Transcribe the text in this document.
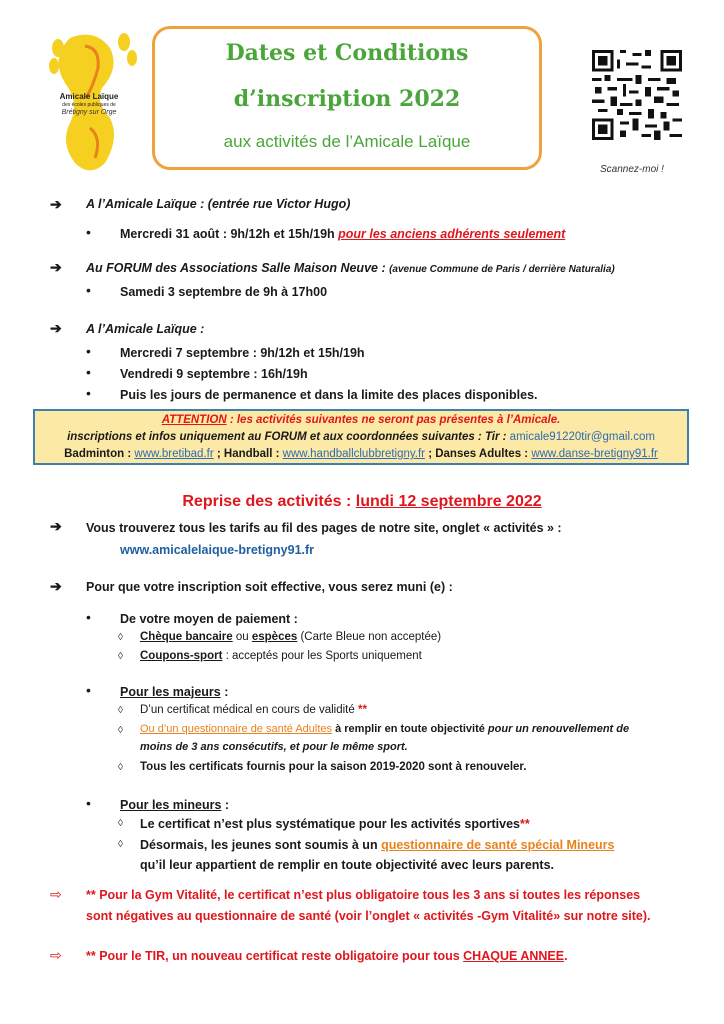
Amicale Laïque
des écoles publiques de
Brétigny sur Orge
Dates et Conditions
d’inscription 2022
aux activités de l’Amicale Laïque
Scannez-moi !
➔ A l’Amicale Laïque : (entrée rue Victor Hugo)
• Mercredi 31 août : 9h/12h et 15h/19h pour les anciens adhérents seulement
➔ Au FORUM des Associations Salle Maison Neuve : (avenue Commune de Paris / derrière Naturalia)
• Samedi 3 septembre de 9h à 17h00
➔ A l’Amicale Laïque :
• Mercredi 7 septembre : 9h/12h et 15h/19h
• Vendredi 9 septembre : 16h/19h
• Puis les jours de permanence et dans la limite des places disponibles.
ATTENTION : les activités suivantes ne seront pas présentes à l’Amicale.
inscriptions et infos uniquement au FORUM et aux coordonnées suivantes : Tir : amicale91220tir@gmail.com
Badminton : www.bretibad.fr ; Handball : www.handballclubbretigny.fr ; Danses Adultes : www.danse-bretigny91.fr
Reprise des activités : lundi 12 septembre 2022
➔ Vous trouverez tous les tarifs au fil des pages de notre site, onglet « activités » :
www.amicalelaique-bretigny91.fr
➔ Pour que votre inscription soit effective, vous serez muni (e) :
• De votre moyen de paiement :
◊ Chèque bancaire ou espèces (Carte Bleue non acceptée)
◊ Coupons-sport : acceptés pour les Sports uniquement
• Pour les majeurs :
◊ D’un certificat médical en cours de validité **
◊ Ou d’un questionnaire de santé Adultes à remplir en toute objectivité pour un renouvellement de
moins de 3 ans consécutifs, et pour le même sport.
◊ Tous les certificats fournis pour la saison 2019-2020 sont à renouveler.
• Pour les mineurs :
◊ Le certificat n’est plus systématique pour les activités sportives**
◊ Désormais, les jeunes sont soumis à un questionnaire de santé spécial Mineurs
qu’il leur appartient de remplir en toute objectivité avec leurs parents.
⇨ ** Pour la Gym Vitalité, le certificat n’est plus obligatoire tous les 3 ans si toutes les réponses
sont négatives au questionnaire de santé (voir l’onglet « activités -Gym Vitalité» sur notre site).
⇨ ** Pour le TIR, un nouveau certificat reste obligatoire pour tous CHAQUE ANNEE.
